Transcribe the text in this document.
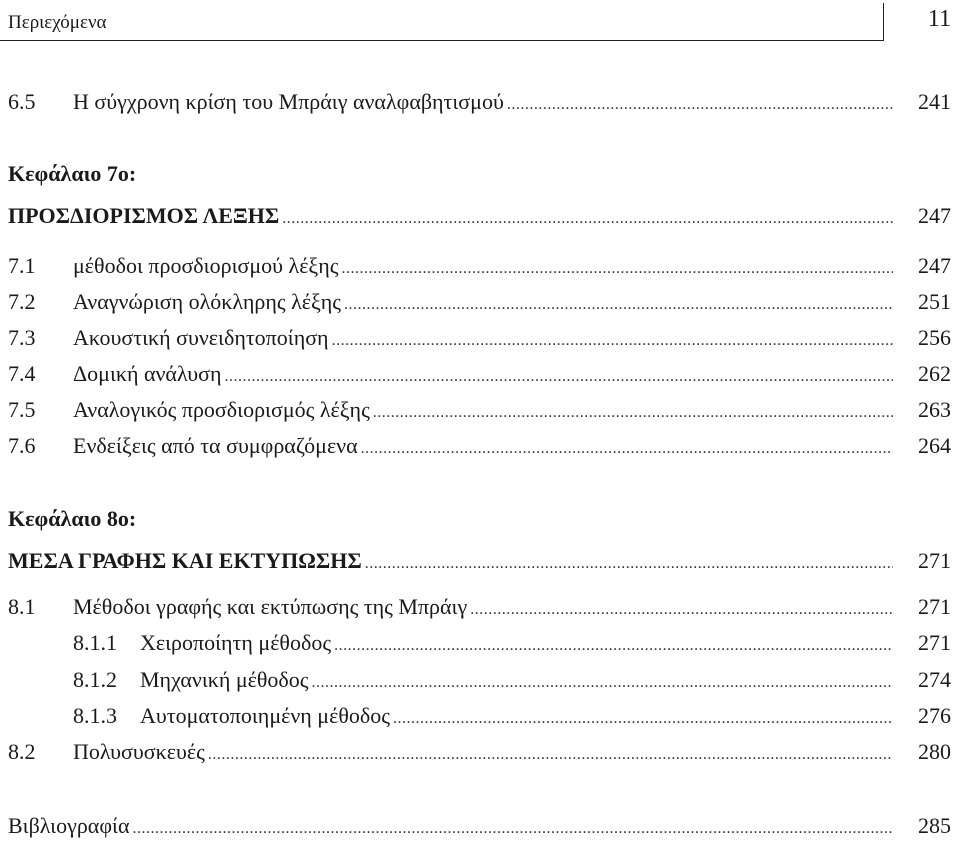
Περιεχόμενα	11
6.5 Η σύγχρονη κρίση του Μπράιγ αναλφαβητισμού .....	241
Κεφάλαιο 7ο:
ΠΡΟΣΔΙΟΡΙΣΜΟΣ ΛΕΞΗΣ .....	247
7.1 μέθοδοι προσδιορισμού λέξης .....	247
7.2 Αναγνώριση ολόκληρης λέξης .....	251
7.3 Ακουστική συνειδητοποίηση .....	256
7.4 Δομική ανάλυση .....	262
7.5 Αναλογικός προσδιορισμός λέξης .....	263
7.6 Ενδείξεις από τα συμφραζόμενα .....	264
Κεφάλαιο 8ο:
ΜΕΣΑ ΓΡΑΦΗΣ ΚΑΙ ΕΚΤΥΠΩΣΗΣ .....	271
8.1 Μέθοδοι γραφής και εκτύπωσης της Μπράιγ .....	271
8.1.1 Χειροποίητη μέθοδος .....	271
8.1.2 Μηχανική μέθοδος .....	274
8.1.3 Αυτοματοποιημένη μέθοδος .....	276
8.2 Πολυσυσκευές .....	280
Βιβλιογραφία .....	285
